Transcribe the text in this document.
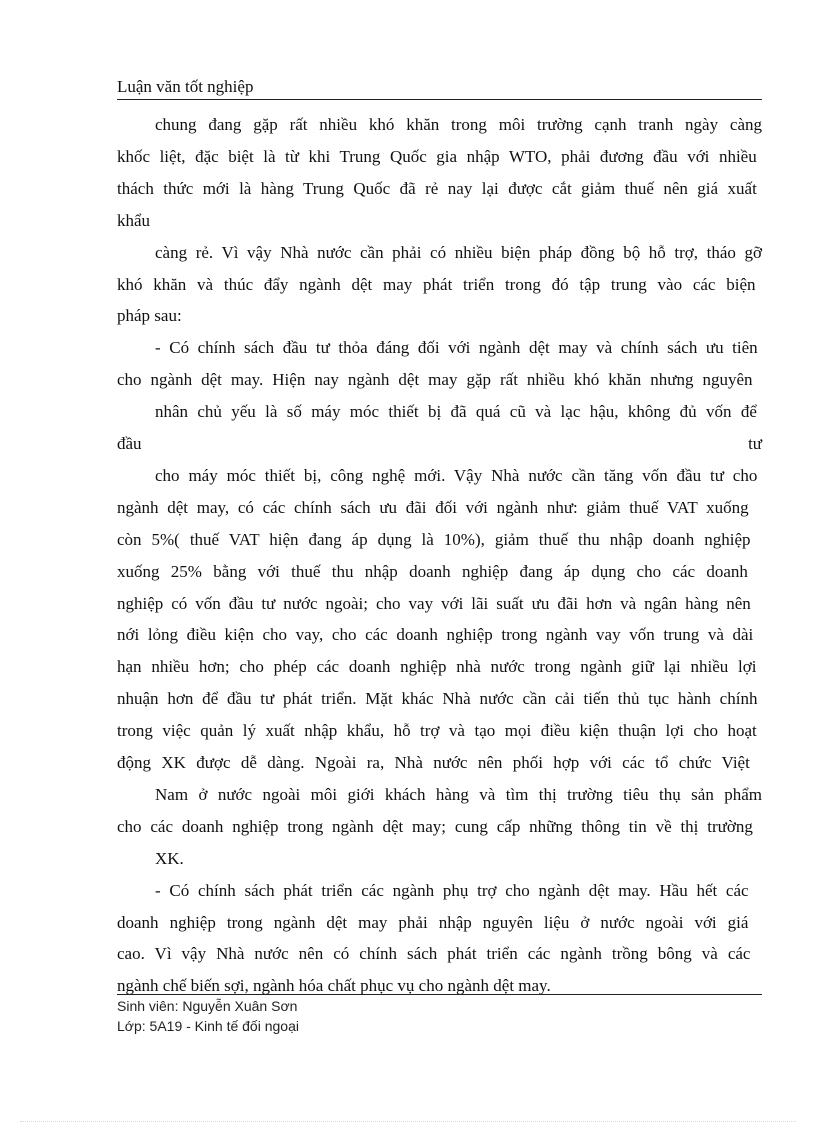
Luận văn tốt nghiệp
chung đang gặp rất nhiều khó khăn trong môi trường cạnh tranh ngày càng
khốc liệt, đặc biệt là từ khi Trung Quốc gia nhập WTO, phải đương đầu với nhiều
thách thức mới là hàng Trung Quốc đã rẻ nay lại được cắt giảm thuế nên giá xuất
khẩu
càng rẻ. Vì vậy Nhà nước cần phải có nhiều biện pháp đồng bộ hỗ trợ, tháo gỡ
khó khăn và thúc đẩy ngành dệt may phát triển trong đó tập trung vào các biện
pháp sau:
- Có chính sách đầu tư thỏa đáng đối với ngành dệt may và chính sách ưu tiên
cho ngành dệt may. Hiện nay ngành dệt may gặp rất nhiều khó khăn nhưng nguyên
nhân chủ yếu là số máy móc thiết bị đã quá cũ và lạc hậu, không đủ vốn để
đầu	tư
cho máy móc thiết bị, công nghệ mới. Vậy Nhà nước cần tăng vốn đầu tư cho
ngành dệt may, có các chính sách ưu đãi đối với ngành như: giảm thuế VAT xuống
còn 5%( thuế VAT hiện đang áp dụng là 10%), giảm thuế thu nhập doanh nghiệp
xuống 25% bằng với thuế thu nhập doanh nghiệp đang áp dụng cho các doanh
nghiệp có vốn đầu tư nước ngoài; cho vay với lãi suất ưu đãi hơn và ngân hàng nên
nới lỏng điều kiện cho vay, cho các doanh nghiệp trong ngành vay vốn trung và dài
hạn nhiều hơn; cho phép các doanh nghiệp nhà nước trong ngành giữ lại nhiều lợi
nhuận hơn để đầu tư phát triển. Mặt khác Nhà nước cần cải tiến thủ tục hành chính
trong việc quản lý xuất nhập khẩu, hỗ trợ và tạo mọi điều kiện thuận lợi cho hoạt
động XK được dễ dàng. Ngoài ra, Nhà nước nên phối hợp với các tổ chức Việt
Nam ở nước ngoài môi giới khách hàng và tìm thị trường tiêu thụ sản phẩm
cho các doanh nghiệp trong ngành dệt may; cung cấp những thông tin về thị trường
XK.
- Có chính sách phát triển các ngành phụ trợ cho ngành dệt may. Hầu hết các
doanh nghiệp trong ngành dệt may phải nhập nguyên liệu ở nước ngoài với giá
cao. Vì vậy Nhà nước nên có chính sách phát triển các ngành trồng bông và các
ngành chế biến sợi, ngành hóa chất phục vụ cho ngành dệt may.
Sinh viên: Nguyễn Xuân Sơn
Lớp: 5A19 - Kinh tế đối ngoại
